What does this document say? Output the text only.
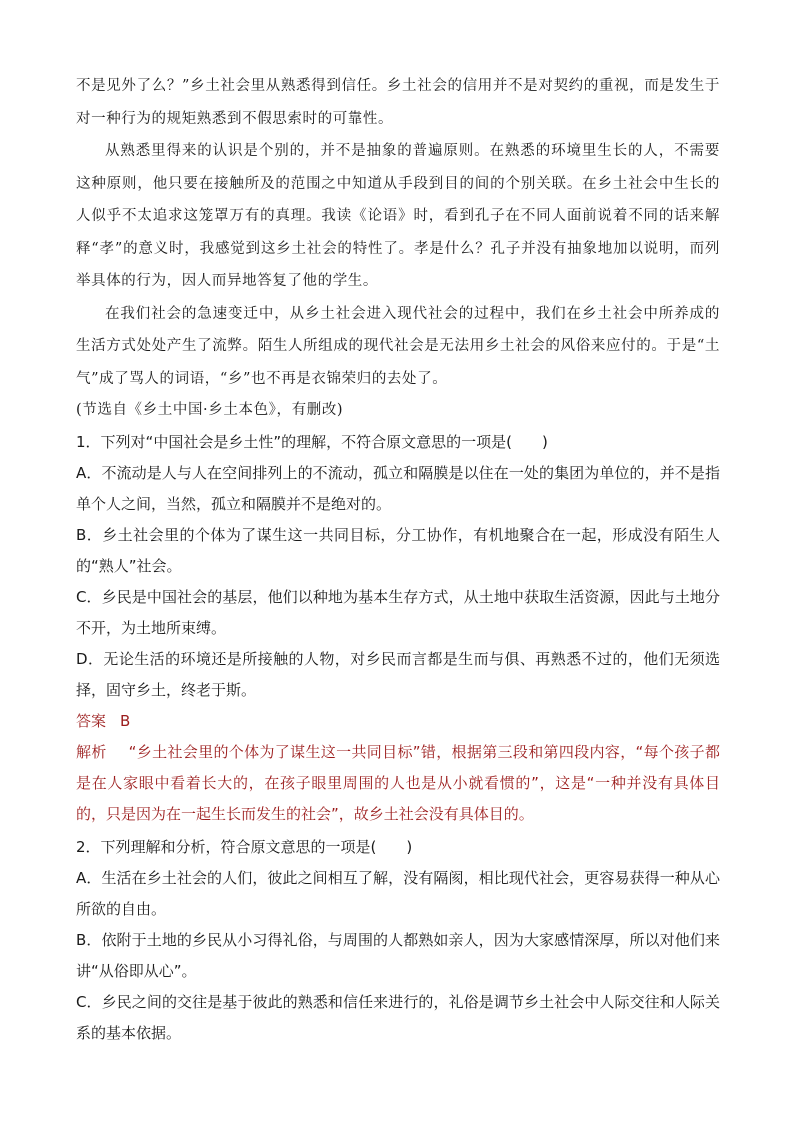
不是见外了么？”乡土社会里从熟悉得到信任。乡土社会的信用并不是对契约的重视，而是发生于对一种行为的规矩熟悉到不假思索时的可靠性。

从熟悉里得来的认识是个别的，并不是抽象的普遍原则。在熟悉的环境里生长的人，不需要这种原则，他只要在接触所及的范围之中知道从手段到目的间的个别关联。在乡土社会中生长的人似乎不太追求这笼罩万有的真理。我读《论语》时，看到孔子在不同人面前说着不同的话来解释“孝”的意义时，我感觉到这乡土社会的特性了。孝是什么？孔子并没有抽象地加以说明，而列举具体的行为，因人而异地答复了他的学生。

在我们社会的急速变迁中，从乡土社会进入现代社会的过程中，我们在乡土社会中所养成的生活方式处处产生了流弊。陌生人所组成的现代社会是无法用乡土社会的风俗来应付的。于是“土气”成了骂人的词语，“乡”也不再是衣锦荣归的去处了。

(节选自《乡土中国·乡土本色》，有删改)

1．下列对“中国社会是乡土性”的理解，不符合原文意思的一项是(　　)

A．不流动是人与人在空间排列上的不流动，孤立和隔膜是以住在一处的集团为单位的，并不是指单个人之间，当然，孤立和隔膜并不是绝对的。

B．乡土社会里的个体为了谋生这一共同目标，分工协作，有机地聚合在一起，形成没有陌生人的“熟人”社会。

C．乡民是中国社会的基层，他们以种地为基本生存方式，从土地中获取生活资源，因此与土地分不开，为土地所束缚。

D．无论生活的环境还是所接触的人物，对乡民而言都是生而与俱、再熟悉不过的，他们无须选择，固守乡土，终老于斯。

答案 B

解析 “乡土社会里的个体为了谋生这一共同目标”错，根据第三段和第四段内容，“每个孩子都是在人家眼中看着长大的，在孩子眼里周围的人也是从小就看惯的”，这是“一种并没有具体目的，只是因为在一起生长而发生的社会”，故乡土社会没有具体目的。

2．下列理解和分析，符合原文意思的一项是(　　)

A．生活在乡土社会的人们，彼此之间相互了解，没有隔阂，相比现代社会，更容易获得一种从心所欲的自由。

B．依附于土地的乡民从小习得礼俗，与周围的人都熟如亲人，因为大家感情深厚，所以对他们来讲“从俗即从心”。

C．乡民之间的交往是基于彼此的熟悉和信任来进行的，礼俗是调节乡土社会中人际交往和人际关系的基本依据。
